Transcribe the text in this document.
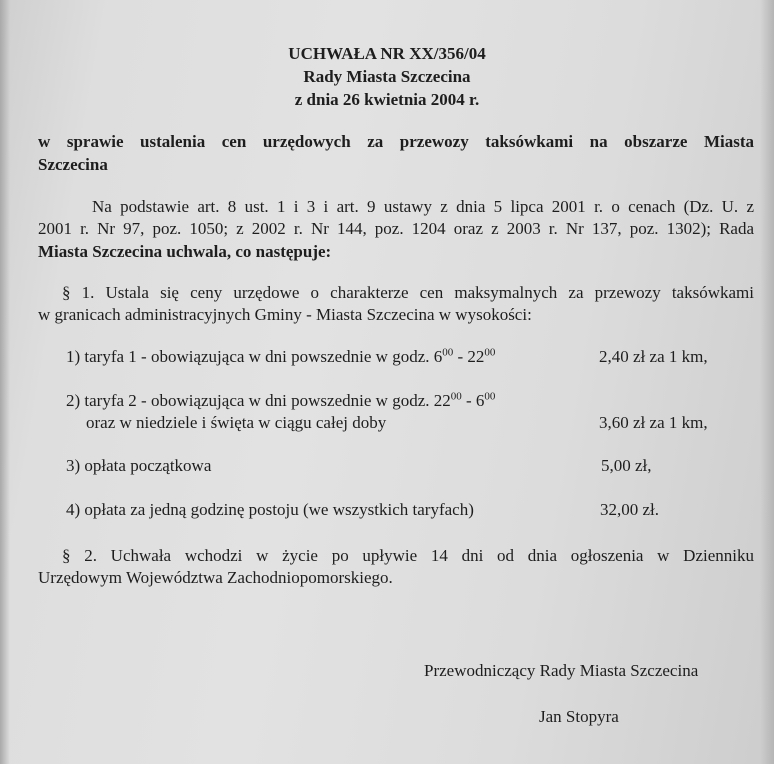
UCHWAŁA NR XX/356/04
Rady Miasta Szczecina
z dnia 26 kwietnia 2004 r.
w sprawie ustalenia cen urzędowych za przewozy taksówkami na obszarze Miasta
Szczecina
Na podstawie art. 8 ust. 1 i 3 i art. 9 ustawy z dnia 5 lipca 2001 r. o cenach (Dz. U. z
2001 r. Nr 97, poz. 1050; z 2002 r. Nr 144, poz. 1204 oraz z 2003 r. Nr 137, poz. 1302); Rada
Miasta Szczecina uchwala, co następuje:
§ 1. Ustala się ceny urzędowe o charakterze cen maksymalnych za przewozy taksówkami
w granicach administracyjnych Gminy - Miasta Szczecina w wysokości:
1) taryfa 1 - obowiązująca w dni powszednie w godz. $6^{00} - 22^{00}$	2,40 zł za 1 km,
2) taryfa 2 - obowiązująca w dni powszednie w godz. $22^{00} - 6^{00}$
oraz w niedziele i święta w ciągu całej doby	3,60 zł za 1 km,
3) opłata początkowa	5,00 zł,
4) opłata za jedną godzinę postoju (we wszystkich taryfach)	32,00 zł.
§ 2. Uchwała wchodzi w życie po upływie 14 dni od dnia ogłoszenia w Dzienniku
Urzędowym Województwa Zachodniopomorskiego.
Przewodniczący Rady Miasta Szczecina
Jan Stopyra
